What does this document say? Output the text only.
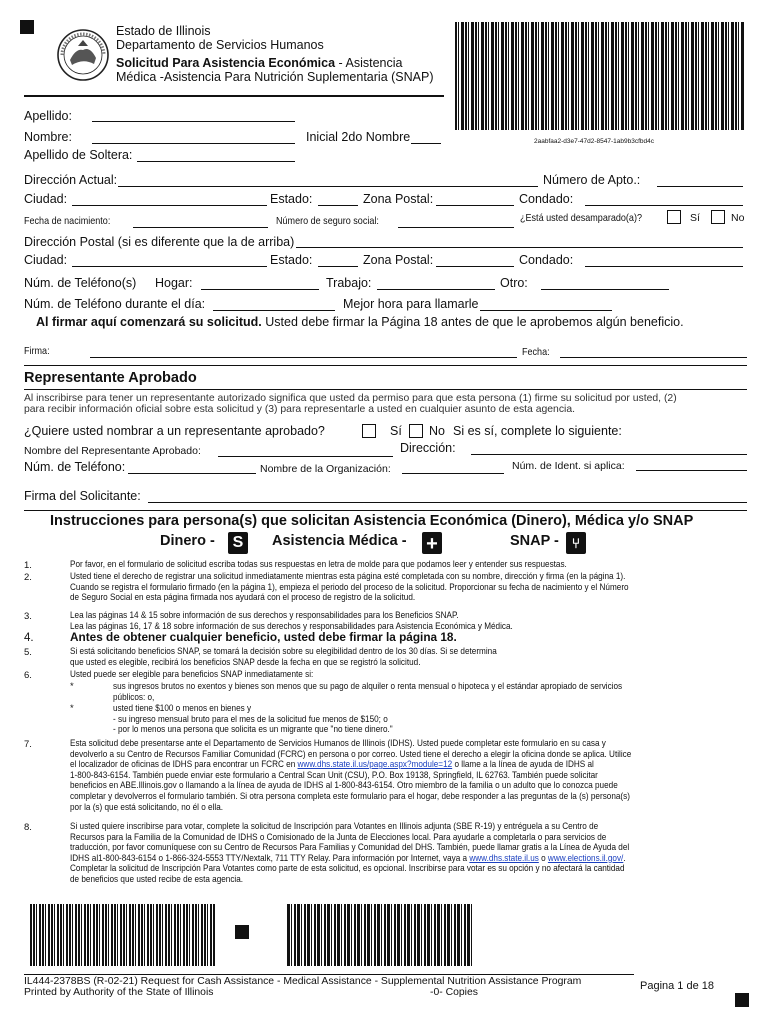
Estado de Illinois
Departamento de Servicios Humanos
Solicitud Para Asistencia Económica - Asistencia
Médica -Asistencia Para Nutrición Suplementaria (SNAP)
2aabfaa2-d3e7-47d2-8547-1ab9b3cfbd4c
Apellido:
Nombre:	Inicial 2do Nombre
Apellido de Soltera:
Dirección Actual:	Número de Apto.:
Ciudad:	Estado:	Zona Postal:	Condado:
Fecha de nacimiento:	Número de seguro social:	¿Está usted desamparado(a)?	Sí	No
Dirección Postal (si es diferente que la de arriba)
Ciudad:	Estado:	Zona Postal:	Condado:
Núm. de Teléfono(s) Hogar:	Trabajo:	Otro:
Núm. de Teléfono durante el día:	Mejor hora para llamarle
Al firmar aquí comenzará su solicitud. Usted debe firmar la Página 18 antes de que le aprobemos algún beneficio.
Firma:	Fecha:
Representante Aprobado
Al inscribirse para tener un representante autorizado significa que usted da permiso para que esta persona (1) firme su solicitud por usted, (2)
para recibir información oficial sobre esta solicitud y (3) para representarle a usted en cualquier asunto de esta agencia.
¿Quiere usted nombrar a un representante aprobado?	Sí No Si es sí, complete lo siguiente:
Nombre del Representante Aprobado:	Dirección:
Núm. de Teléfono:	Nombre de la Organización:	Núm. de Ident. si aplica:
Firma del Solicitante:
Instrucciones para persona(s) que solicitan Asistencia Económica (Dinero), Médica y/o SNAP
Dinero - S	Asistencia Médica - +	SNAP - ⑂
1.	Por favor, en el formulario de solicitud escriba todas sus respuestas en letra de molde para que podamos leer y entender sus respuestas.
2.	Usted tiene el derecho de registrar una solicitud inmediatamente mientras esta página esté completada con su nombre, dirección y firma (en la página 1).
Cuando se registra el formulario firmado (en la página 1), empieza el periodo del proceso de la solicitud. Proporcionar su fecha de nacimiento y el Número
de Seguro Social en esta página firmada nos ayudará con el proceso de registro de la solicitud.
3.	Lea las páginas 14 & 15 sobre información de sus derechos y responsabilidades para los Beneficios SNAP.
Lea las páginas 16, 17 & 18 sobre información de sus derechos y responsabilidades para Asistencia Económica y Médica.
4.	Antes de obtener cualquier beneficio, usted debe firmar la página 18.
5.	Si está solicitando beneficios SNAP, se tomará la decisión sobre su elegibilidad dentro de los 30 días. Si se determina
que usted es elegible, recibirá los beneficios SNAP desde la fecha en que se registró la solicitud.
6.	Usted puede ser elegible para beneficios SNAP inmediatamente si:
*	sus ingresos brutos no exentos y bienes son menos que su pago de alquiler o renta mensual o hipoteca y el estándar apropiado de servicios
públicos: o,
*	usted tiene $100 o menos en bienes y
- su ingreso mensual bruto para el mes de la solicitud fue menos de $150; o
- por lo menos una persona que solicita es un migrante que "no tiene dinero."
7.	Esta solicitud debe presentarse ante el Departamento de Servicios Humanos de Illinois (IDHS). Usted puede completar este formulario en su casa y
devolverlo a su Centro de Recursos Familiar Comunidad (FCRC) en persona o por correo. Usted tiene el derecho a elegir la oficina donde se aplica. Utilice
el localizador de oficinas de IDHS para encontrar un FCRC en www.dhs.state.il.us/page.aspx?module=12 o llame a la línea de ayuda de IDHS al
1-800-843-6154. También puede enviar este formulario a Central Scan Unit (CSU), P.O. Box 19138, Springfield, IL 62763. También puede solicitar
beneficios en ABE.Illinois.gov o llamando a la línea de ayuda de IDHS al 1-800-843-6154. Otro miembro de la familia o un adulto que lo conozca puede
completar y devolverros el formulario también. Si otra persona completa este formulario para el hogar, debe responder a las preguntas de la (s) persona(s)
por la (s) que está solicitando, no él o ella.
8.	Si usted quiere inscribirse para votar, complete la solicitud de Inscripción para Votantes en Illinois adjunta (SBE R-19) y entréguela a su Centro de
Recursos para la Familia de la Comunidad de IDHS o Comisionado de la Junta de Elecciones local. Para ayudarle a completarla o para servicios de
traducción, por favor comuníquese con su Centro de Recursos Para Familias y Comunidad del DHS. También, puede llamar gratis a la Línea de Ayuda del
IDHS al1-800-843-6154 o 1-866-324-5553 TTY/Nextalk, 711 TTY Relay. Para información por Internet, vaya a www.dhs.state.il.us o www.elections.il.gov/.
Completar la solicitud de Inscripción Para Votantes como parte de esta solicitud, es opcional. Inscribirse para votar es su opción y no afectará la cantidad
de beneficios que usted recibe de esta agencia.
IL444-2378BS (R-02-21) Request for Cash Assistance - Medical Assistance - Supplemental Nutrition Assistance Program
Printed by Authority of the State of Illinois	-0- Copies
Pagina 1 de 18
